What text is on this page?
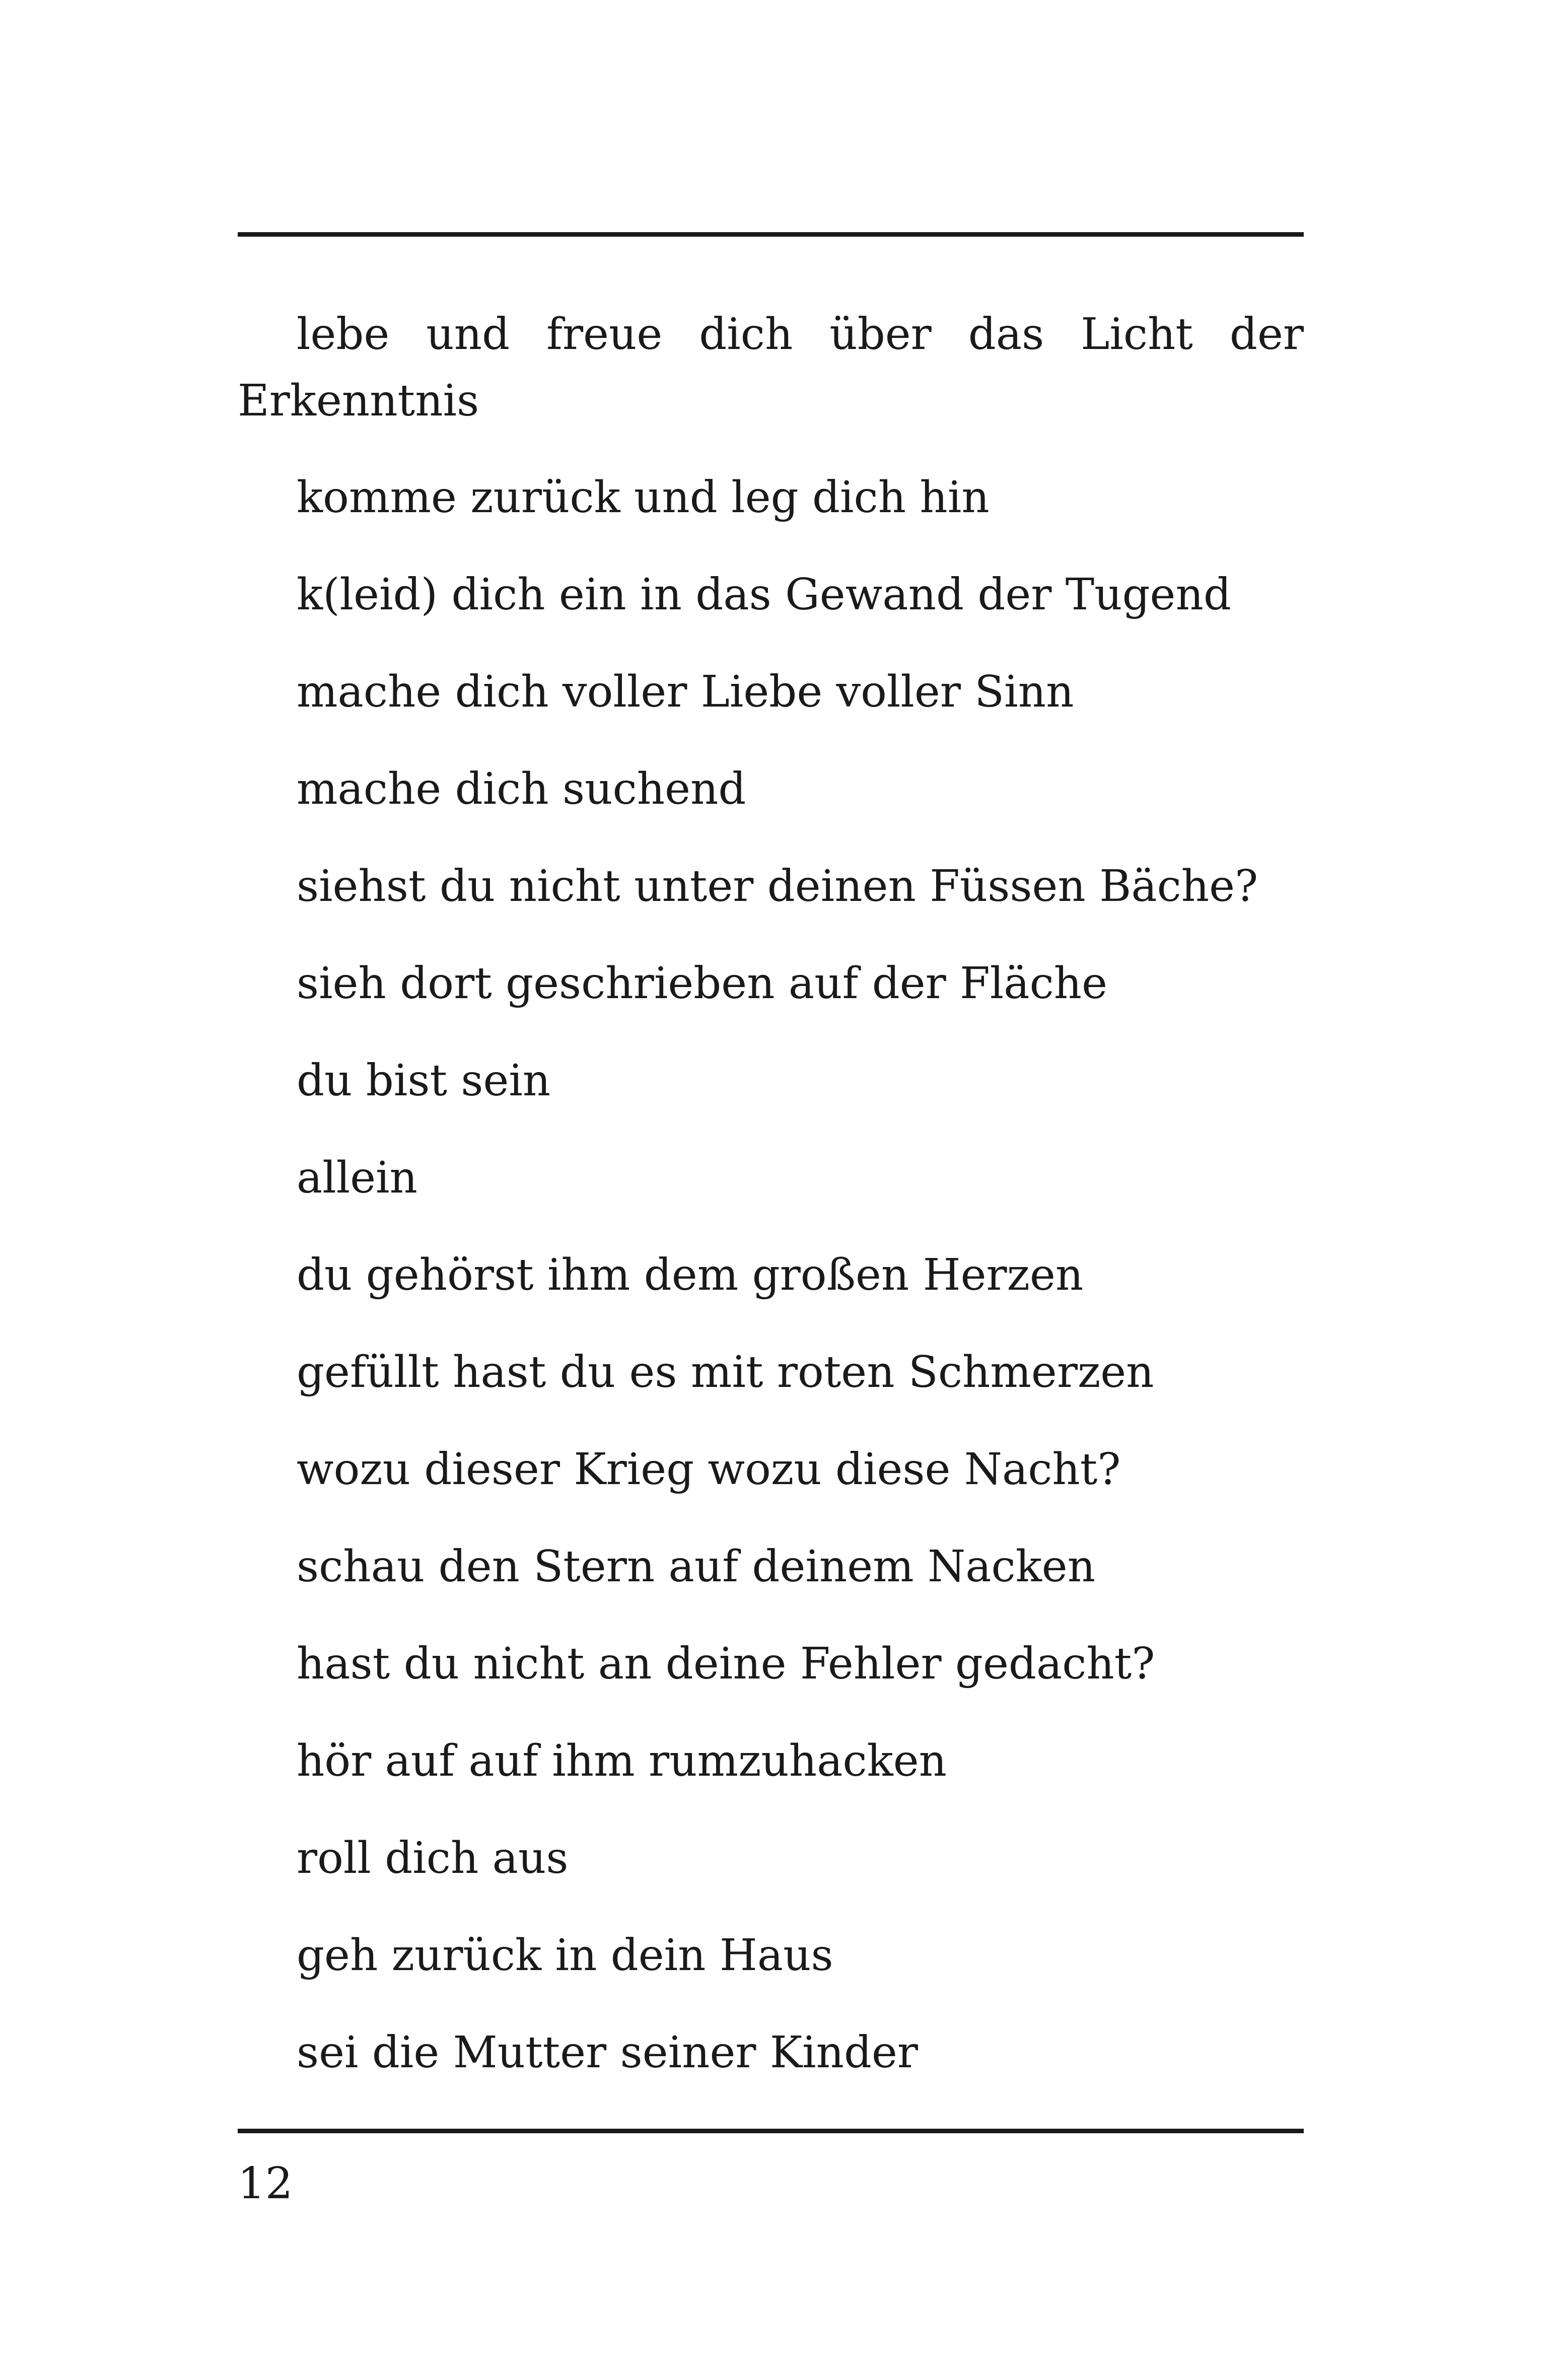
lebe und freue dich über das Licht der Erkenntnis

komme zurück und leg dich hin

k(leid) dich ein in das Gewand der Tugend

mache dich voller Liebe voller Sinn

mache dich suchend

siehst du nicht unter deinen Füssen Bäche?

sieh dort geschrieben auf der Fläche

du bist sein

allein

du gehörst ihm dem großen Herzen

gefüllt hast du es mit roten Schmerzen

wozu dieser Krieg wozu diese Nacht?

schau den Stern auf deinem Nacken

hast du nicht an deine Fehler gedacht?

hör auf auf ihm rumzuhacken

roll dich aus

geh zurück in dein Haus

sei die Mutter seiner Kinder

12
